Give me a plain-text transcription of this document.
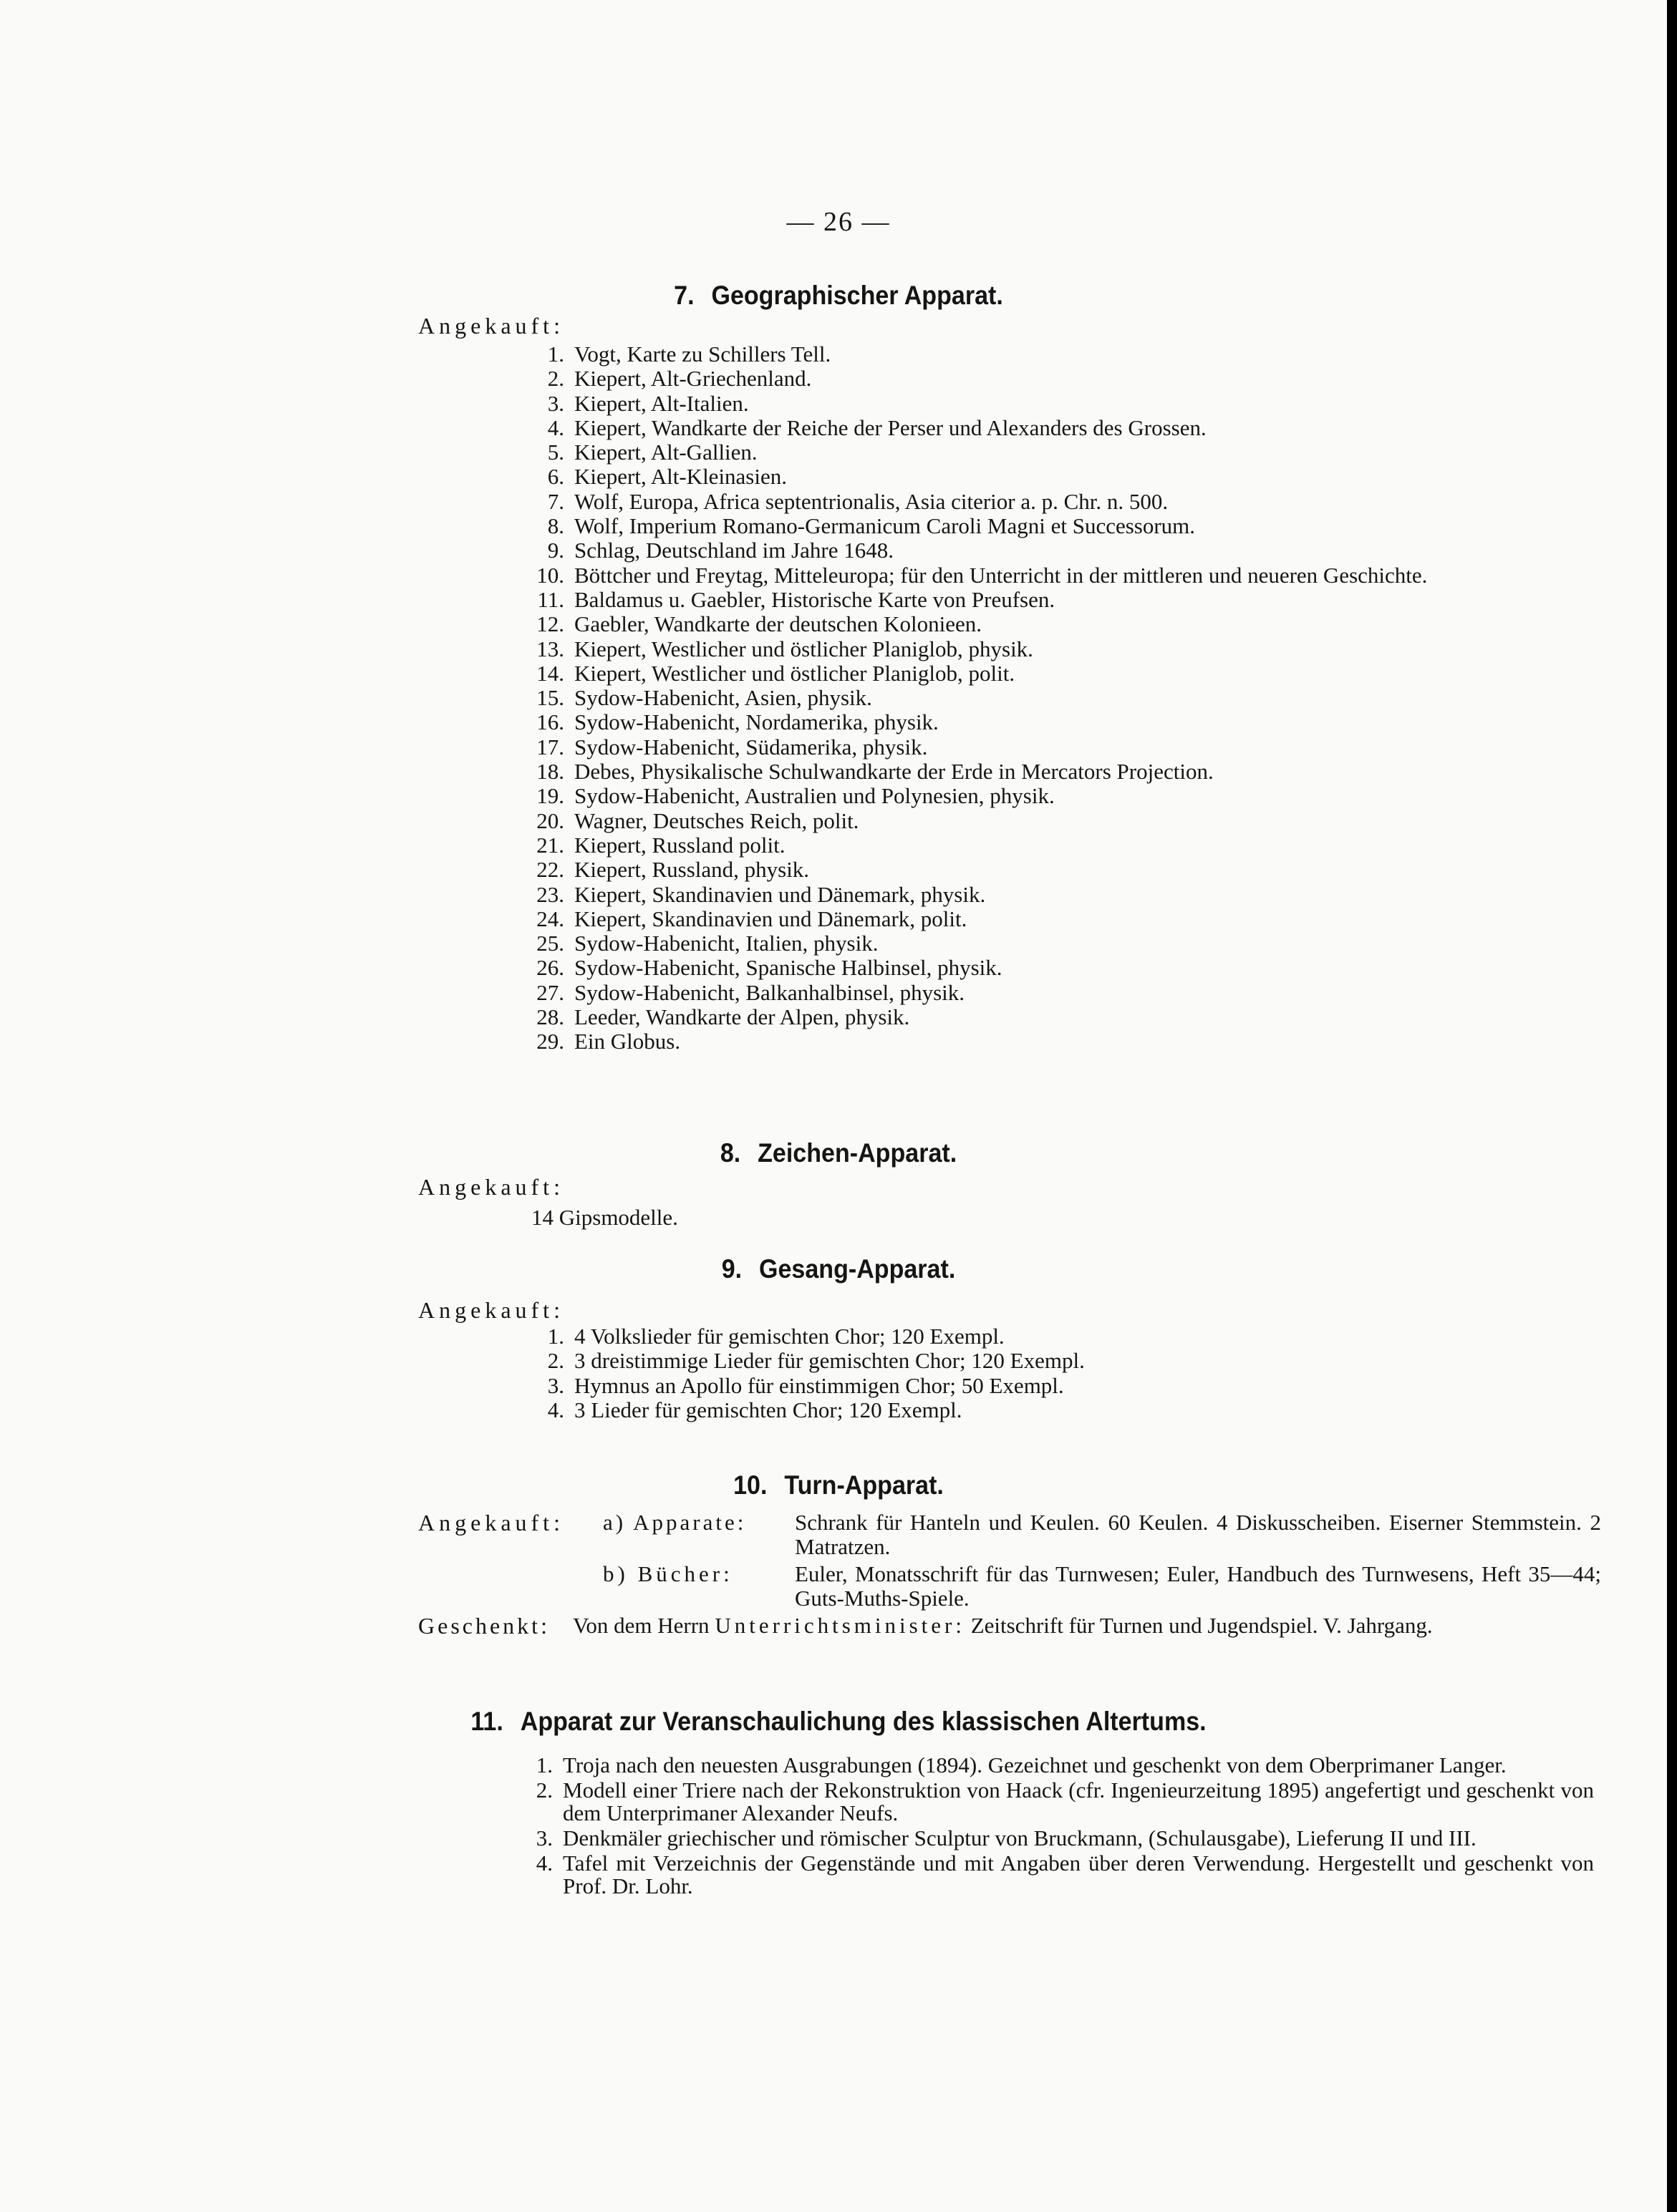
— 26 —
7. Geographischer Apparat.
Angekauft:
1. Vogt, Karte zu Schillers Tell.
2. Kiepert, Alt-Griechenland.
3. Kiepert, Alt-Italien.
4. Kiepert, Wandkarte der Reiche der Perser und Alexanders des Grossen.
5. Kiepert, Alt-Gallien.
6. Kiepert, Alt-Kleinasien.
7. Wolf, Europa, Africa septentrionalis, Asia citerior a. p. Chr. n. 500.
8. Wolf, Imperium Romano-Germanicum Caroli Magni et Successorum.
9. Schlag, Deutschland im Jahre 1648.
10. Böttcher und Freytag, Mitteleuropa; für den Unterricht in der mittleren und neueren Geschichte.
11. Baldamus u. Gaebler, Historische Karte von Preufsen.
12. Gaebler, Wandkarte der deutschen Kolonieen.
13. Kiepert, Westlicher und östlicher Planiglob, physik.
14. Kiepert, Westlicher und östlicher Planiglob, polit.
15. Sydow-Habenicht, Asien, physik.
16. Sydow-Habenicht, Nordamerika, physik.
17. Sydow-Habenicht, Südamerika, physik.
18. Debes, Physikalische Schulwandkarte der Erde in Mercators Projection.
19. Sydow-Habenicht, Australien und Polynesien, physik.
20. Wagner, Deutsches Reich, polit.
21. Kiepert, Russland polit.
22. Kiepert, Russland, physik.
23. Kiepert, Skandinavien und Dänemark, physik.
24. Kiepert, Skandinavien und Dänemark, polit.
25. Sydow-Habenicht, Italien, physik.
26. Sydow-Habenicht, Spanische Halbinsel, physik.
27. Sydow-Habenicht, Balkanhalbinsel, physik.
28. Leeder, Wandkarte der Alpen, physik.
29. Ein Globus.
8. Zeichen-Apparat.
Angekauft:
14 Gipsmodelle.
9. Gesang-Apparat.
Angekauft:
1. 4 Volkslieder für gemischten Chor; 120 Exempl.
2. 3 dreistimmige Lieder für gemischten Chor; 120 Exempl.
3. Hymnus an Apollo für einstimmigen Chor; 50 Exempl.
4. 3 Lieder für gemischten Chor; 120 Exempl.
10. Turn-Apparat.
Angekauft: a) Apparate: Schrank für Hanteln und Keulen. 60 Keulen. 4 Diskusscheiben. Eiserner Stemmstein. 2 Matratzen.
b) Bücher:	Euler, Monatsschrift für das Turnwesen; Euler, Handbuch des Turnwesens, Heft 35—44; Guts-Muths-Spiele.
Geschenkt: Von dem Herrn Unterrichtsminister: Zeitschrift für Turnen und Jugendspiel. V. Jahrgang.
11. Apparat zur Veranschaulichung des klassischen Altertums.
1. Troja nach den neuesten Ausgrabungen (1894). Gezeichnet und geschenkt von dem Oberprimaner Langer.
2. Modell einer Triere nach der Rekonstruktion von Haack (cfr. Ingenieurzeitung 1895) angefertigt und geschenkt von dem Unterprimaner Alexander Neufs.
3. Denkmäler griechischer und römischer Sculptur von Bruckmann, (Schulausgabe), Lieferung II und III.
4. Tafel mit Verzeichnis der Gegenstände und mit Angaben über deren Verwendung. Hergestellt und geschenkt von Prof. Dr. Lohr.
